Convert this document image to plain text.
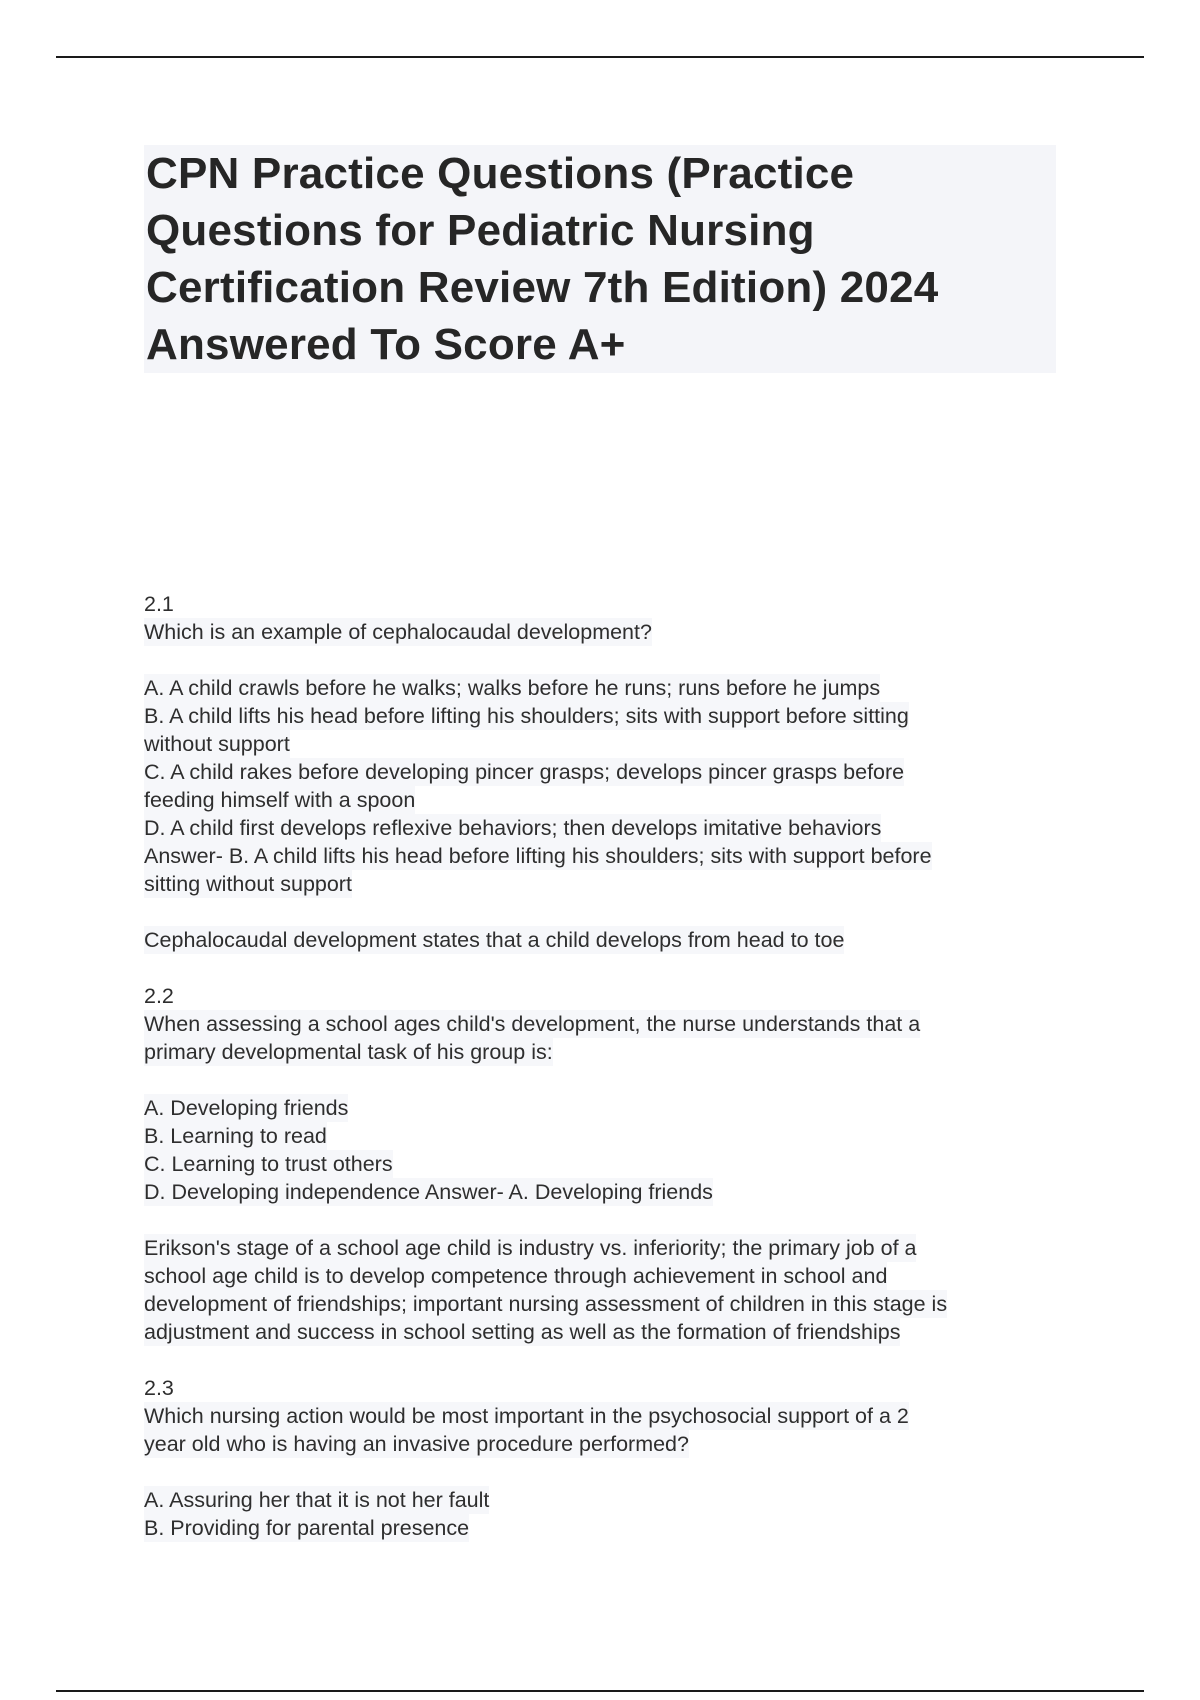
CPN Practice Questions (Practice
Questions for Pediatric Nursing
Certification Review 7th Edition) 2024
Answered To Score A+
2.1
Which is an example of cephalocaudal development?
A. A child crawls before he walks; walks before he runs; runs before he jumps
B. A child lifts his head before lifting his shoulders; sits with support before sitting
without support
C. A child rakes before developing pincer grasps; develops pincer grasps before
feeding himself with a spoon
D. A child first develops reflexive behaviors; then develops imitative behaviors
Answer- B. A child lifts his head before lifting his shoulders; sits with support before
sitting without support
Cephalocaudal development states that a child develops from head to toe
2.2
When assessing a school ages child's development, the nurse understands that a
primary developmental task of his group is:
A. Developing friends
B. Learning to read
C. Learning to trust others
D. Developing independence Answer- A. Developing friends
Erikson's stage of a school age child is industry vs. inferiority; the primary job of a
school age child is to develop competence through achievement in school and
development of friendships; important nursing assessment of children in this stage is
adjustment and success in school setting as well as the formation of friendships
2.3
Which nursing action would be most important in the psychosocial support of a 2
year old who is having an invasive procedure performed?
A. Assuring her that it is not her fault
B. Providing for parental presence
